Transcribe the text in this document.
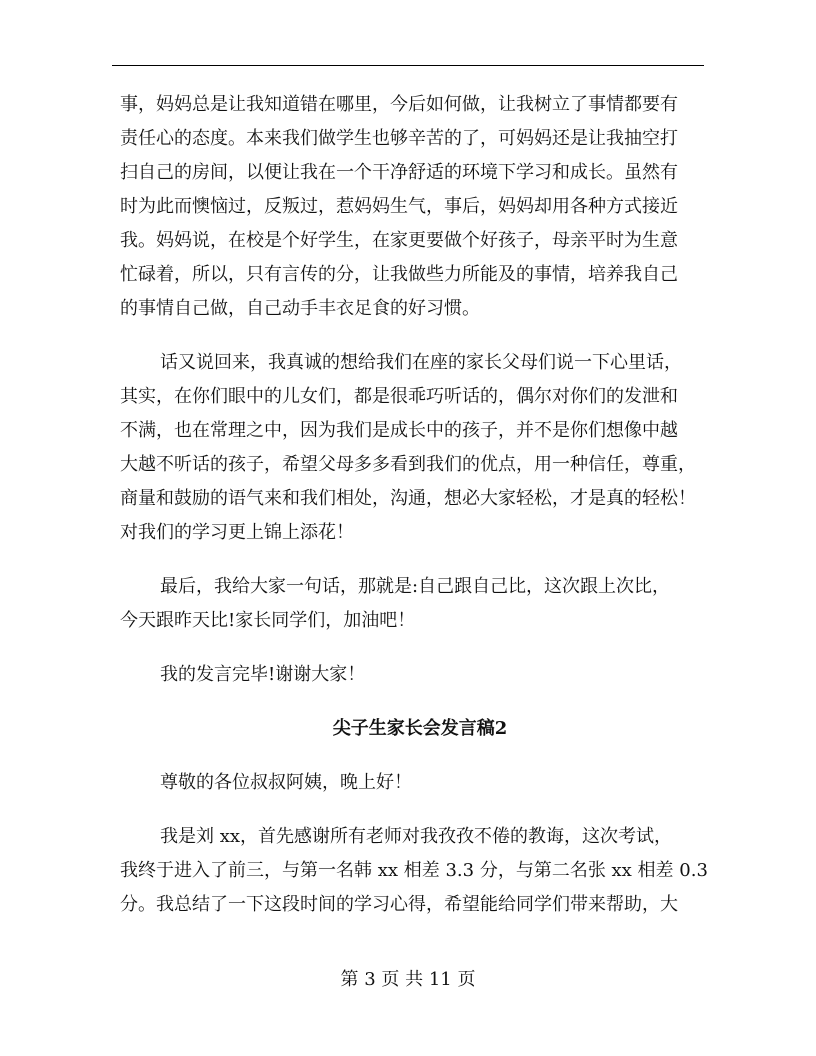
事，妈妈总是让我知道错在哪里，今后如何做，让我树立了事情都要有
责任心的态度。本来我们做学生也够辛苦的了，可妈妈还是让我抽空打
扫自己的房间，以便让我在一个干净舒适的环境下学习和成长。虽然有
时为此而懊恼过，反叛过，惹妈妈生气，事后，妈妈却用各种方式接近
我。妈妈说，在校是个好学生，在家更要做个好孩子，母亲平时为生意
忙碌着，所以，只有言传的分，让我做些力所能及的事情，培养我自己
的事情自己做，自己动手丰衣足食的好习惯。
话又说回来，我真诚的想给我们在座的家长父母们说一下心里话，
其实，在你们眼中的儿女们，都是很乖巧听话的，偶尔对你们的发泄和
不满，也在常理之中，因为我们是成长中的孩子，并不是你们想像中越
大越不听话的孩子，希望父母多多看到我们的优点，用一种信任，尊重，
商量和鼓励的语气来和我们相处，沟通，想必大家轻松，才是真的轻松！
对我们的学习更上锦上添花！
最后，我给大家一句话，那就是:自己跟自己比，这次跟上次比，
今天跟昨天比!家长同学们，加油吧！
我的发言完毕!谢谢大家！
尖子生家长会发言稿2
尊敬的各位叔叔阿姨，晚上好！
我是刘 xx，首先感谢所有老师对我孜孜不倦的教诲，这次考试，
我终于进入了前三，与第一名韩 xx 相差 3.3 分，与第二名张 xx 相差 0.3
分。我总结了一下这段时间的学习心得，希望能给同学们带来帮助，大
第 3 页 共 11 页
